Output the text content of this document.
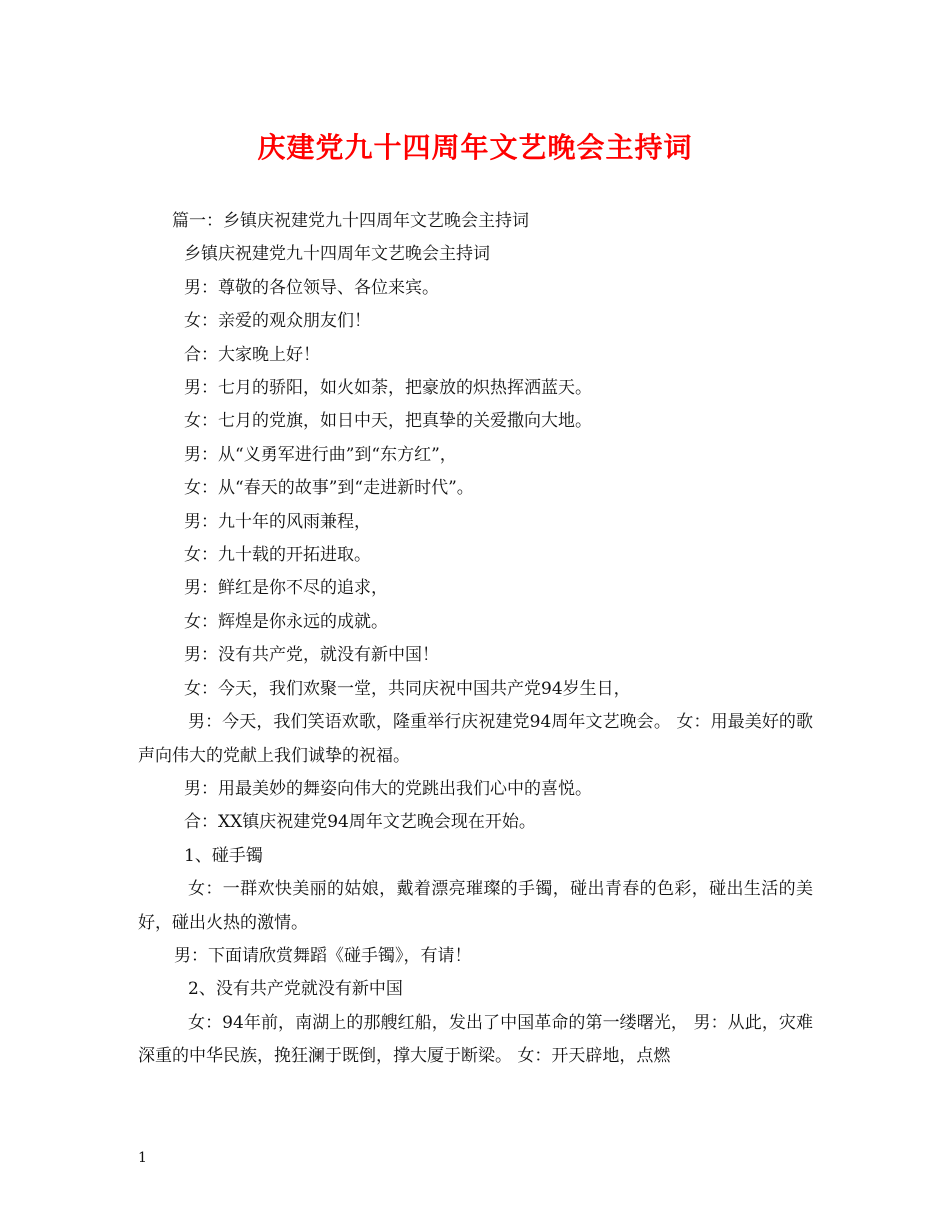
庆建党九十四周年文艺晚会主持词

篇一：乡镇庆祝建党九十四周年文艺晚会主持词

乡镇庆祝建党九十四周年文艺晚会主持词

男：尊敬的各位领导、各位来宾。

女：亲爱的观众朋友们！

合：大家晚上好！

男：七月的骄阳，如火如荼，把豪放的炽热挥洒蓝天。

女：七月的党旗，如日中天，把真挚的关爱撒向大地。

男：从“义勇军进行曲”到“东方红”，

女：从“春天的故事”到“走进新时代”。

男：九十年的风雨兼程，

女：九十载的开拓进取。

男：鲜红是你不尽的追求，

女：辉煌是你永远的成就。

男：没有共产党，就没有新中国！

女：今天，我们欢聚一堂，共同庆祝中国共产党94岁生日，

男：今天，我们笑语欢歌，隆重举行庆祝建党94周年文艺晚会。 女：用最美好的歌声向伟大的党献上我们诚挚的祝福。

男：用最美妙的舞姿向伟大的党跳出我们心中的喜悦。

合：XX镇庆祝建党94周年文艺晚会现在开始。

1、碰手镯

女：一群欢快美丽的姑娘，戴着漂亮璀璨的手镯，碰出青春的色彩，碰出生活的美好，碰出火热的激情。

男：下面请欣赏舞蹈《碰手镯》，有请！

2、没有共产党就没有新中国

女：94年前，南湖上的那艘红船，发出了中国革命的第一缕曙光， 男：从此，灾难深重的中华民族，挽狂澜于既倒，撑大厦于断梁。 女：开天辟地，点燃

1
